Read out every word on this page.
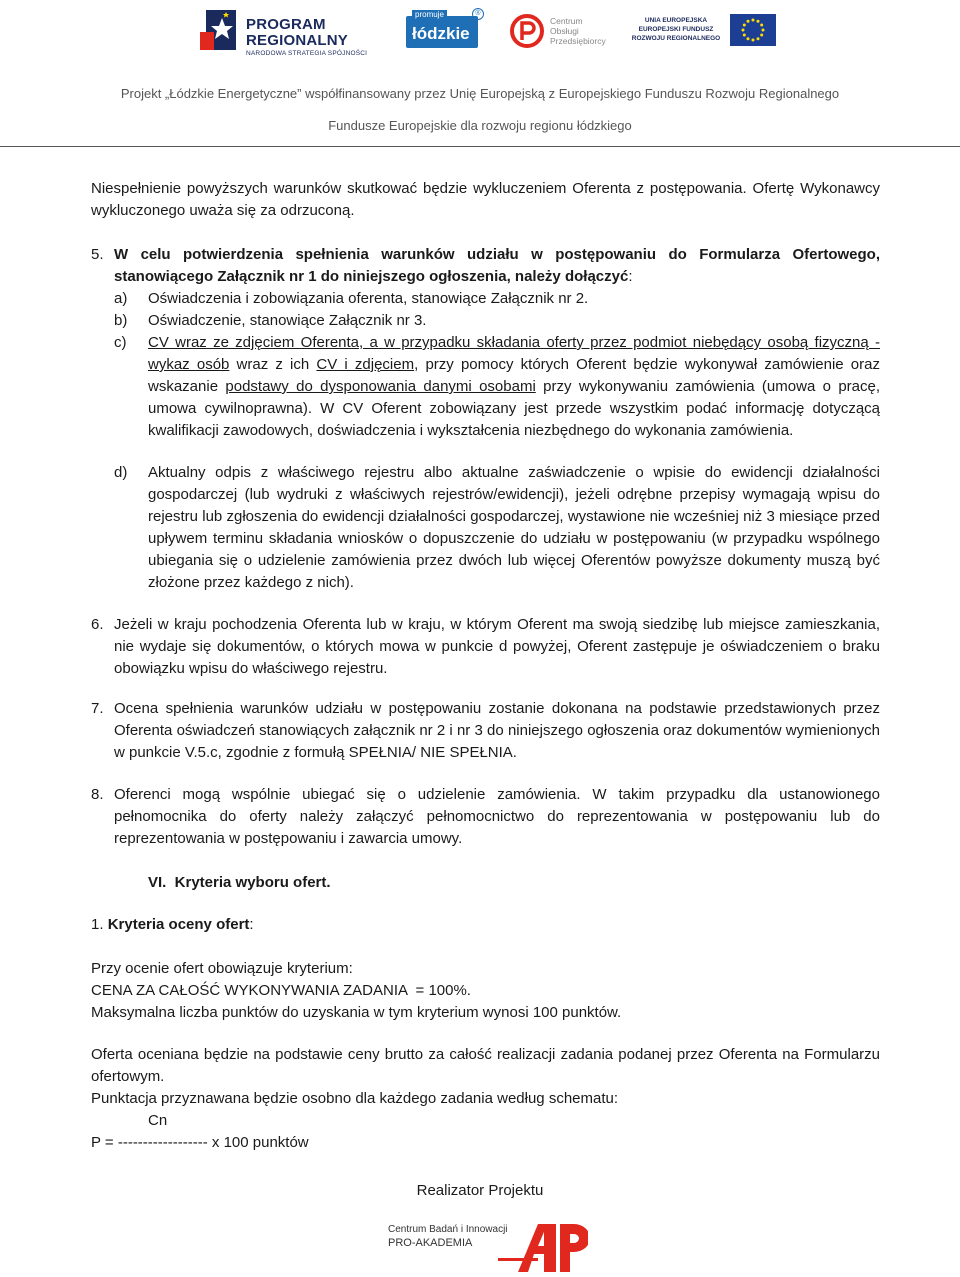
PROGRAM
REGIONALNY
NARODOWA STRATEGIA SPÓJNOŚCI
promuje
łódzkie
®
Centrum
Obsługi
Przedsiębiorcy
UNIA EUROPEJSKA
EUROPEJSKI FUNDUSZ
ROZWOJU REGIONALNEGO
Projekt „Łódzkie Energetyczne” współfinansowany przez Unię Europejską z Europejskiego Funduszu Rozwoju Regionalnego
Fundusze Europejskie dla rozwoju regionu łódzkiego
Niespełnienie powyższych warunków skutkować będzie wykluczeniem Oferenta z postępowania. Ofertę Wykonawcy wykluczonego uważa się za odrzuconą.
5. W celu potwierdzenia spełnienia warunków udziału w postępowaniu do Formularza Ofertowego, stanowiącego Załącznik nr 1 do niniejszego ogłoszenia, należy dołączyć:
a) Oświadczenia i zobowiązania oferenta, stanowiące Załącznik nr 2.
b) Oświadczenie, stanowiące Załącznik nr 3.
c) CV wraz ze zdjęciem Oferenta, a w przypadku składania oferty przez podmiot niebędący osobą fizyczną - wykaz osób wraz z ich CV i zdjęciem, przy pomocy których Oferent będzie wykonywał zamówienie oraz wskazanie podstawy do dysponowania danymi osobami przy wykonywaniu zamówienia (umowa o pracę, umowa cywilnoprawna). W CV Oferent zobowiązany jest przede wszystkim podać informację dotyczącą kwalifikacji zawodowych, doświadczenia i wykształcenia niezbędnego do wykonania zamówienia.
d) Aktualny odpis z właściwego rejestru albo aktualne zaświadczenie o wpisie do ewidencji działalności gospodarczej (lub wydruki z właściwych rejestrów/ewidencji), jeżeli odrębne przepisy wymagają wpisu do rejestru lub zgłoszenia do ewidencji działalności gospodarczej, wystawione nie wcześniej niż 3 miesiące przed upływem terminu składania wniosków o dopuszczenie do udziału w postępowaniu (w przypadku wspólnego ubiegania się o udzielenie zamówienia przez dwóch lub więcej Oferentów powyższe dokumenty muszą być złożone przez każdego z nich).
6. Jeżeli w kraju pochodzenia Oferenta lub w kraju, w którym Oferent ma swoją siedzibę lub miejsce zamieszkania, nie wydaje się dokumentów, o których mowa w punkcie d powyżej, Oferent zastępuje je oświadczeniem o braku obowiązku wpisu do właściwego rejestru.
7. Ocena spełnienia warunków udziału w postępowaniu zostanie dokonana na podstawie przedstawionych przez Oferenta oświadczeń stanowiących załącznik nr 2 i nr 3 do niniejszego ogłoszenia oraz dokumentów wymienionych w punkcie V.5.c, zgodnie z formułą SPEŁNIA/ NIE SPEŁNIA.
8. Oferenci mogą wspólnie ubiegać się o udzielenie zamówienia. W takim przypadku dla ustanowionego pełnomocnika do oferty należy załączyć pełnomocnictwo do reprezentowania w postępowaniu lub do reprezentowania w postępowaniu i zawarcia umowy.
VI.  Kryteria wyboru ofert.
1. Kryteria oceny ofert:
Przy ocenie ofert obowiązuje kryterium:
CENA ZA CAŁOŚĆ WYKONYWANIA ZADANIA  = 100%.
Maksymalna liczba punktów do uzyskania w tym kryterium wynosi 100 punktów.
Oferta oceniana będzie na podstawie ceny brutto za całość realizacji zadania podanej przez Oferenta na Formularzu ofertowym.
Punktacja przyznawana będzie osobno dla każdego zadania według schematu:
Cn
P = ------------------ x 100 punktów
Realizator Projektu
Centrum Badań i Innowacji
PRO-AKADEMIA
